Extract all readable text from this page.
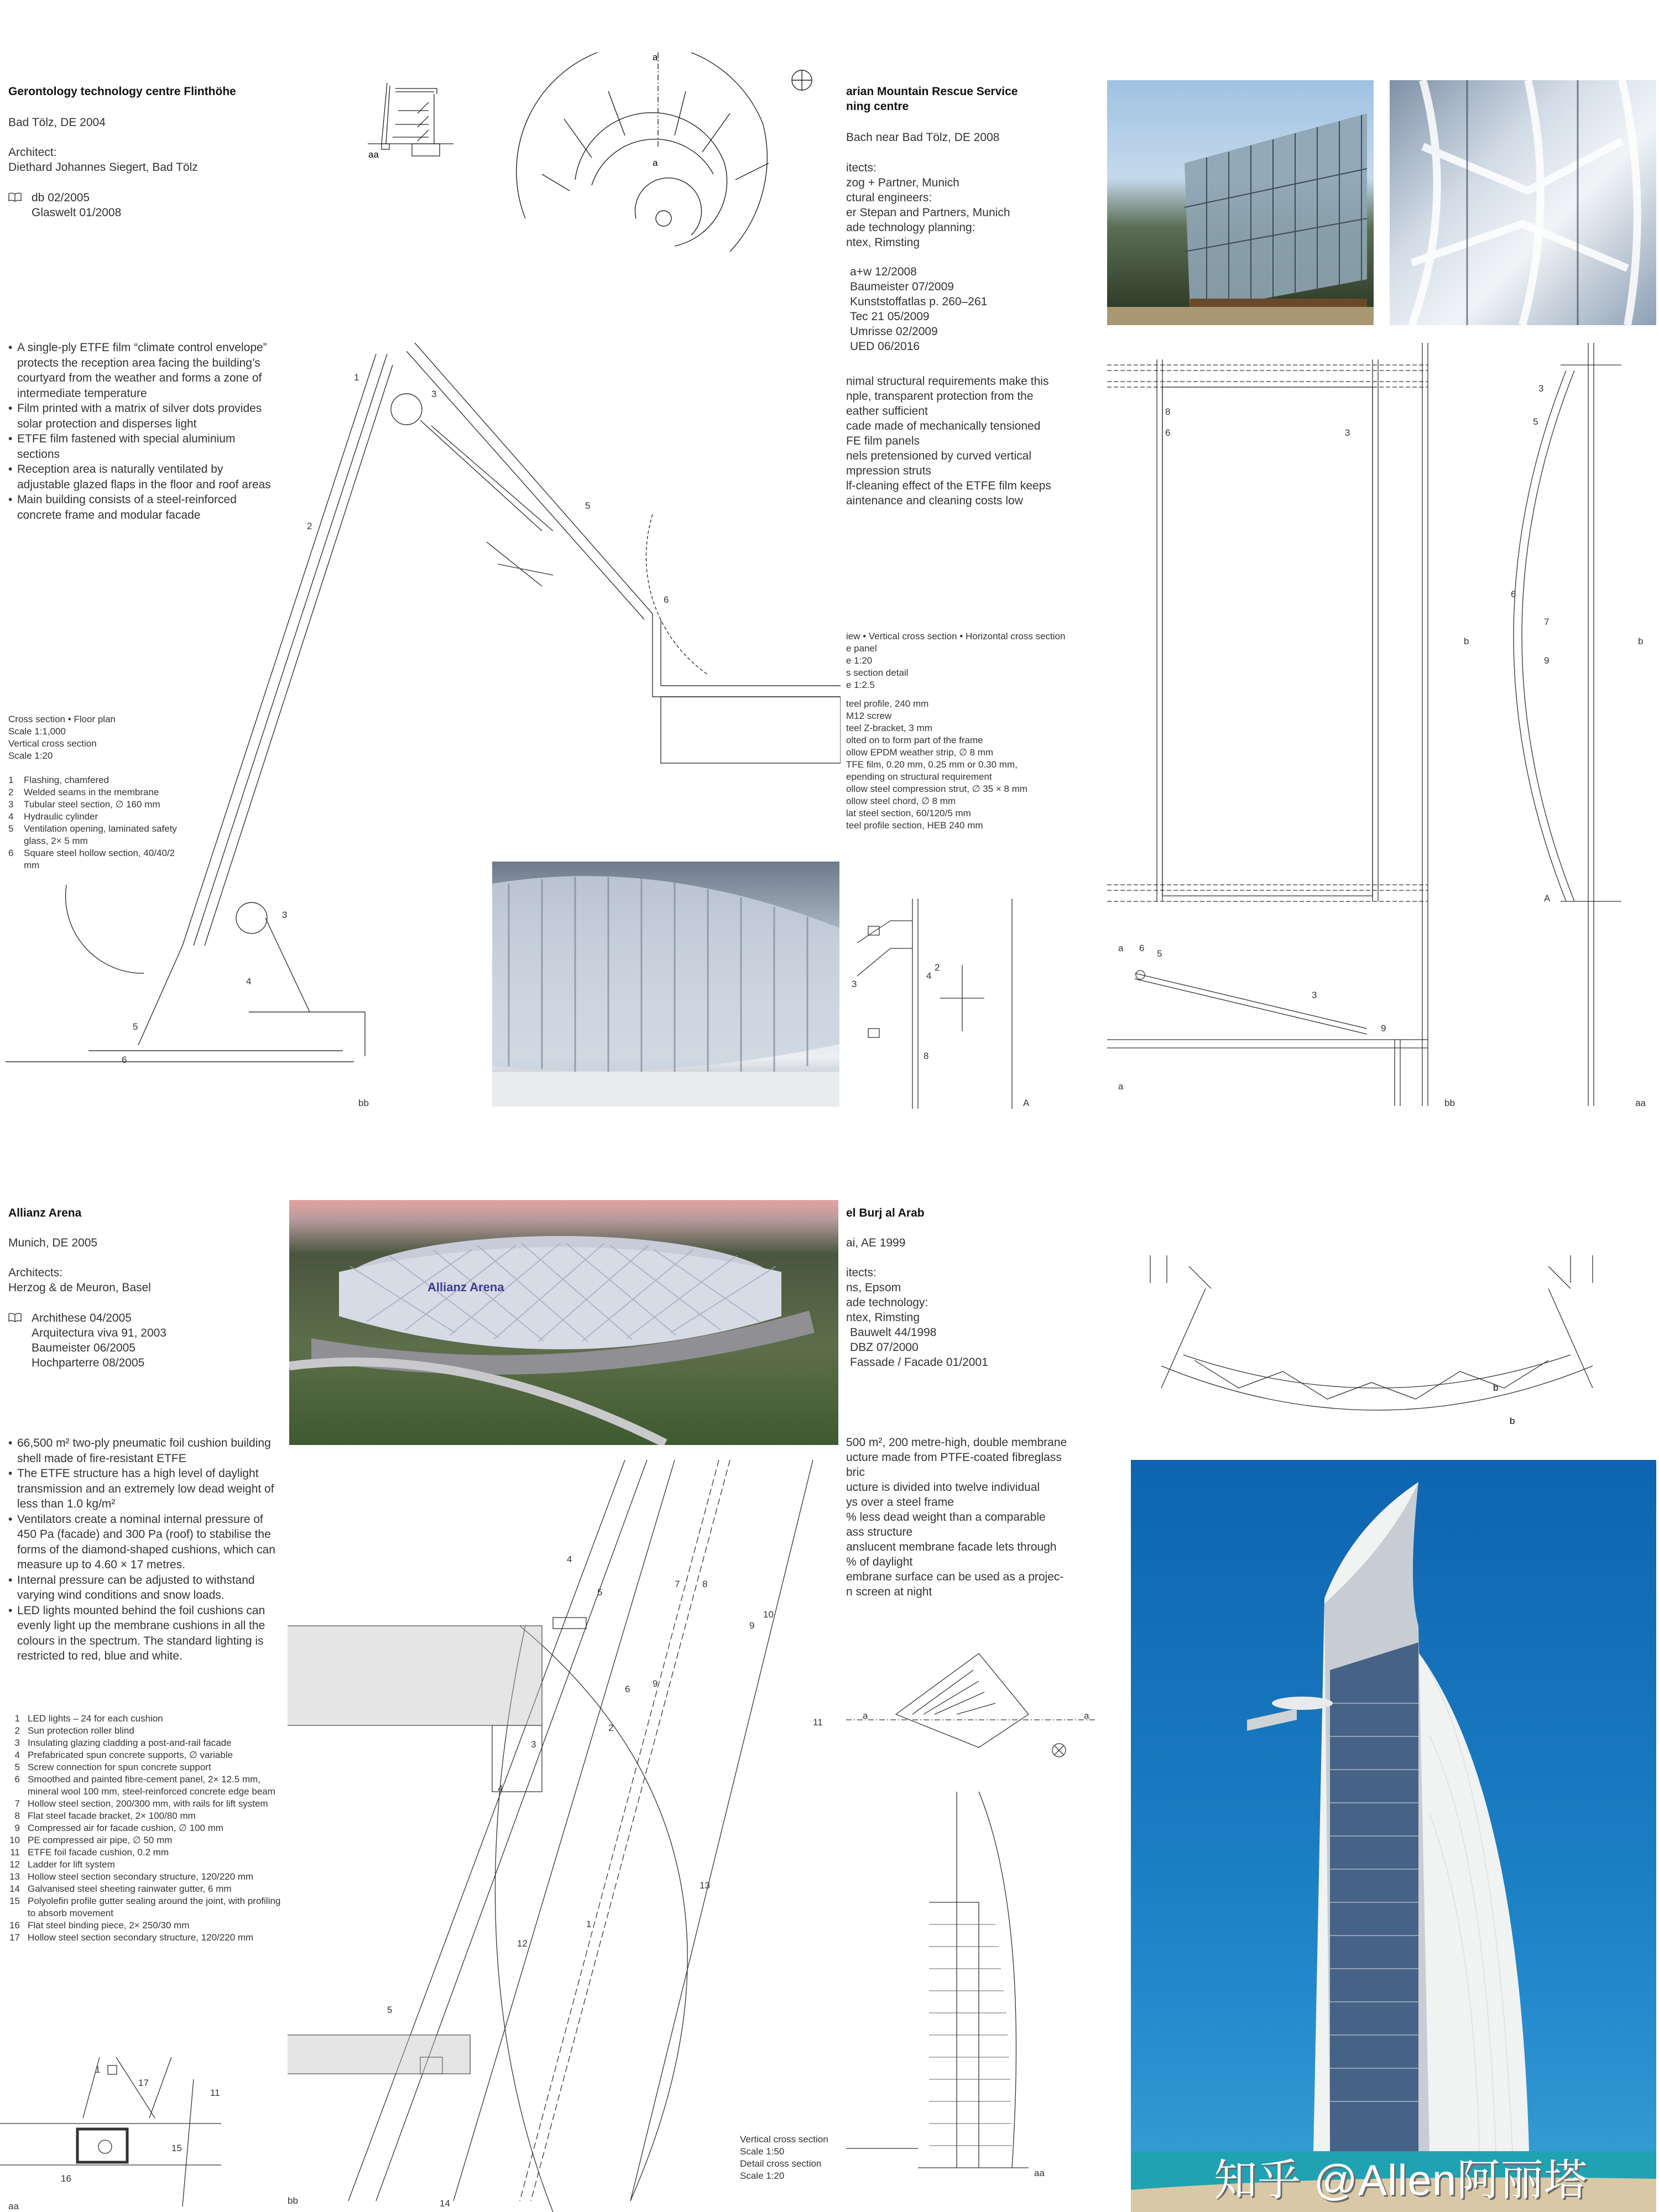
Gerontology technology centre Flinthöhe
Bad Tölz, DE 2004
Architect:
Diethard Johannes Siegert, Bad Tölz
db 02/2005
Glaswelt 01/2008
• A single-ply ETFE film “climate control envelope” protects the reception area facing the building’s courtyard from the weather and forms a zone of intermediate temperature
• Film printed with a matrix of silver dots provides solar protection and disperses light
• ETFE film fastened with special aluminium sections
• Reception area is naturally ventilated by adjustable glazed flaps in the floor and roof areas
• Main building consists of a steel-reinforced concrete frame and modular facade
Cross section • Floor plan
Scale 1:1,000
Vertical cross section
Scale 1:20
1	Flashing, chamfered
2	Welded seams in the membrane
3	Tubular steel section, ∅ 160 mm
4	Hydraulic cylinder
5	Ventilation opening, laminated safety glass, 2× 5 mm
6	Square steel hollow section, 40/40/2 mm
aa
a
a
1
3
2
5
6
3
4
5
6
bb
arian Mountain Rescue Service
ning centre
Bach near Bad Tölz, DE 2008
itects:
zog + Partner, Munich
ctural engineers:
er Stepan and Partners, Munich
ade technology planning:
ntex, Rimsting
a+w 12/2008
Baumeister 07/2009
Kunststoffatlas p. 260–261
Tec 21 05/2009
Umrisse 02/2009
UED 06/2016
nimal structural requirements make this
nple, transparent protection from the
eather sufficient
cade made of mechanically tensioned
FE film panels
nels pretensioned by curved vertical
mpression struts
lf-cleaning effect of the ETFE film keeps
aintenance and cleaning costs low
iew • Vertical cross section • Horizontal cross section
e panel
e 1:20
s section detail
e 1:2.5
teel profile, 240 mm
M12 screw
teel Z-bracket, 3 mm
olted on to form part of the frame
ollow EPDM weather strip, ∅ 8 mm
TFE film, 0.20 mm, 0.25 mm or 0.30 mm,
epending on structural requirement
ollow steel compression strut, ∅ 35 × 8 mm
ollow steel chord, ∅ 8 mm
lat steel section, 60/120/5 mm
teel profile section, HEB 240 mm
8
6	3
3
5
6
7
9
b	b
A
a 6
5
3
9
a
bb	aa
2
3
4
8
A
Allianz Arena
Munich, DE 2005
Architects:
Herzog & de Meuron, Basel
Archithese 04/2005
Arquitectura viva 91, 2003
Baumeister 06/2005
Hochparterre 08/2005
• 66,500 m² two-ply pneumatic foil cushion building shell made of fire-resistant ETFE
• The ETFE structure has a high level of daylight transmission and an extremely low dead weight of less than 1.0 kg/m²
• Ventilators create a nominal internal pressure of 450 Pa (facade) and 300 Pa (roof) to stabilise the forms of the diamond-shaped cushions, which can measure up to 4.60 × 17 metres.
• Internal pressure can be adjusted to withstand varying wind conditions and snow loads.
• LED lights mounted behind the foil cushions can evenly light up the membrane cushions in all the colours in the spectrum. The standard lighting is restricted to red, blue and white.
1 LED lights – 24 for each cushion
2 Sun protection roller blind
3 Insulating glazing cladding a post-and-rail facade
4 Prefabricated spun concrete supports, ∅ variable
5 Screw connection for spun concrete support
6 Smoothed and painted fibre-cement panel, 2× 12.5 mm, mineral wool 100 mm, steel-reinforced concrete edge beam
7 Hollow steel section, 200/300 mm, with rails for lift system
8 Flat steel facade bracket, 2× 100/80 mm
9 Compressed air for facade cushion, ∅ 100 mm
10 PE compressed air pipe, ∅ 50 mm
11 ETFE foil facade cushion, 0.2 mm
12 Ladder for lift system
13 Hollow steel section secondary structure, 120/220 mm
14 Galvanised steel sheeting rainwater gutter, 6 mm
15 Polyolefin profile gutter sealing around the joint, with profiling to absorb movement
16 Flat steel binding piece, 2× 250/30 mm
17 Hollow steel section secondary structure, 120/220 mm
Allianz Arena
4
5
7 8
10
9
9
6
3
2
11
4
13
12
1
5
14
bb
1
17
11
15
16
aa
el Burj al Arab
ai, AE 1999
itects:
ns, Epsom
ade technology:
ntex, Rimsting
Bauwelt 44/1998
DBZ 07/2000
Fassade / Facade 01/2001
500 m², 200 metre-high, double membrane
ucture made from PTFE-coated fibreglass
bric
ucture is divided into twelve individual
ys over a steel frame
% less dead weight than a comparable
ass structure
anslucent membrane facade lets through
% of daylight
embrane surface can be used as a projec-
n screen at night
Vertical cross section
Scale 1:50
Detail cross section
Scale 1:20
b
b
a	a
aa	知乎 @Allen阿丽塔
